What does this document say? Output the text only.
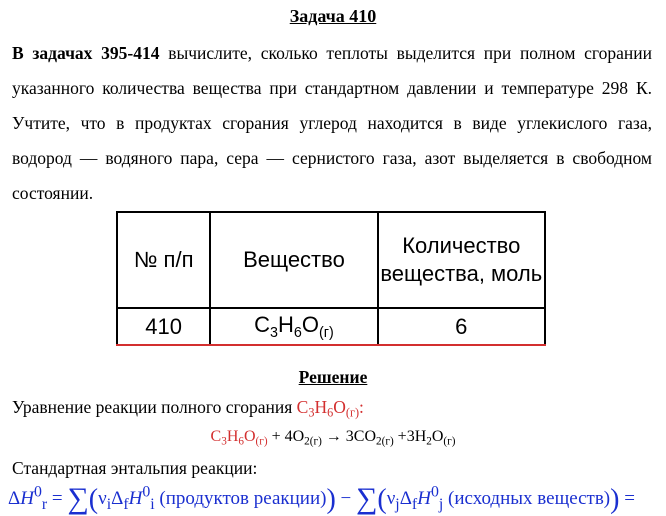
Задача 410
В задачах 395-414 вычислите, сколько теплоты выделится при полном сгорании указанного количества вещества при стандартном давлении и температуре 298 К. Учтите, что в продуктах сгорания углерод находится в виде углекислого газа, водород — водяного пара, сера — сернистого газа, азот выделяется в свободном состоянии.
№ п/п	Вещество	Количество вещества, моль
410	$C_3H_6O_{(г)}$	6
Решение
Уравнение реакции полного сгорания $C_3H_6O_{(г)}$:
$C_3H_6O_{(г)} + 4O_{2(г)} \to 3CO_{2(г)} +3H_2O_{(г)}$
Стандартная энтальпия реакции:
$\Delta H^0_r = \sum(\nu_i\Delta_fH^0_i$ (продуктов реакции)) − $\sum(\nu_j\Delta_fH^0_j$ (исходных веществ)) =
